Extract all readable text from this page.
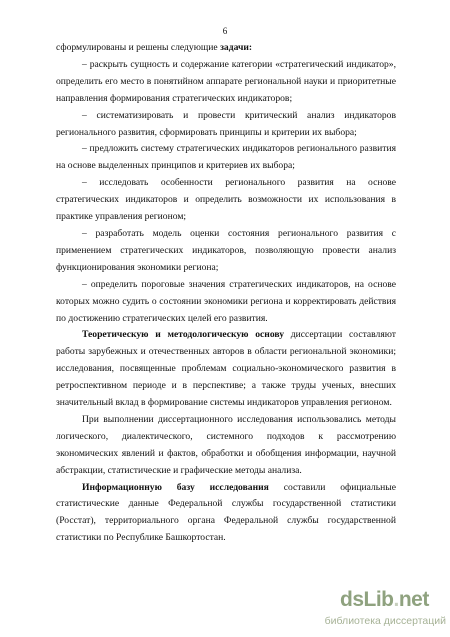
6

сформулированы и решены следующие задачи:

– раскрыть сущность и содержание категории «стратегический индикатор», определить его место в понятийном аппарате региональной науки и приоритетные направления формирования стратегических индикаторов;

– систематизировать и провести критический анализ индикаторов регионального развития, сформировать принципы и критерии их выбора;

– предложить систему стратегических индикаторов регионального развития на основе выделенных принципов и критериев их выбора;

– исследовать особенности регионального развития на основе стратегических индикаторов и определить возможности их использования в практике управления регионом;

– разработать модель оценки состояния регионального развития с применением стратегических индикаторов, позволяющую провести анализ функционирования экономики региона;

– определить пороговые значения стратегических индикаторов, на основе которых можно судить о состоянии экономики региона и корректировать действия по достижению стратегических целей его развития.

Теоретическую и методологическую основу диссертации составляют работы зарубежных и отечественных авторов в области региональной экономики; исследования, посвященные проблемам социально-экономического развития в ретроспективном периоде и в перспективе; а также труды ученых, внесших значительный вклад в формирование системы индикаторов управления регионом.

При выполнении диссертационного исследования использовались методы логического, диалектического, системного подходов к рассмотрению экономических явлений и фактов, обработки и обобщения информации, научной абстракции, статистические и графические методы анализа.

Информационную базу исследования составили официальные статистические данные Федеральной службы государственной статистики (Росстат), территориального органа Федеральной службы государственной статистики по Республике Башкортостан.

dsLib.net
библиотека диссертаций
